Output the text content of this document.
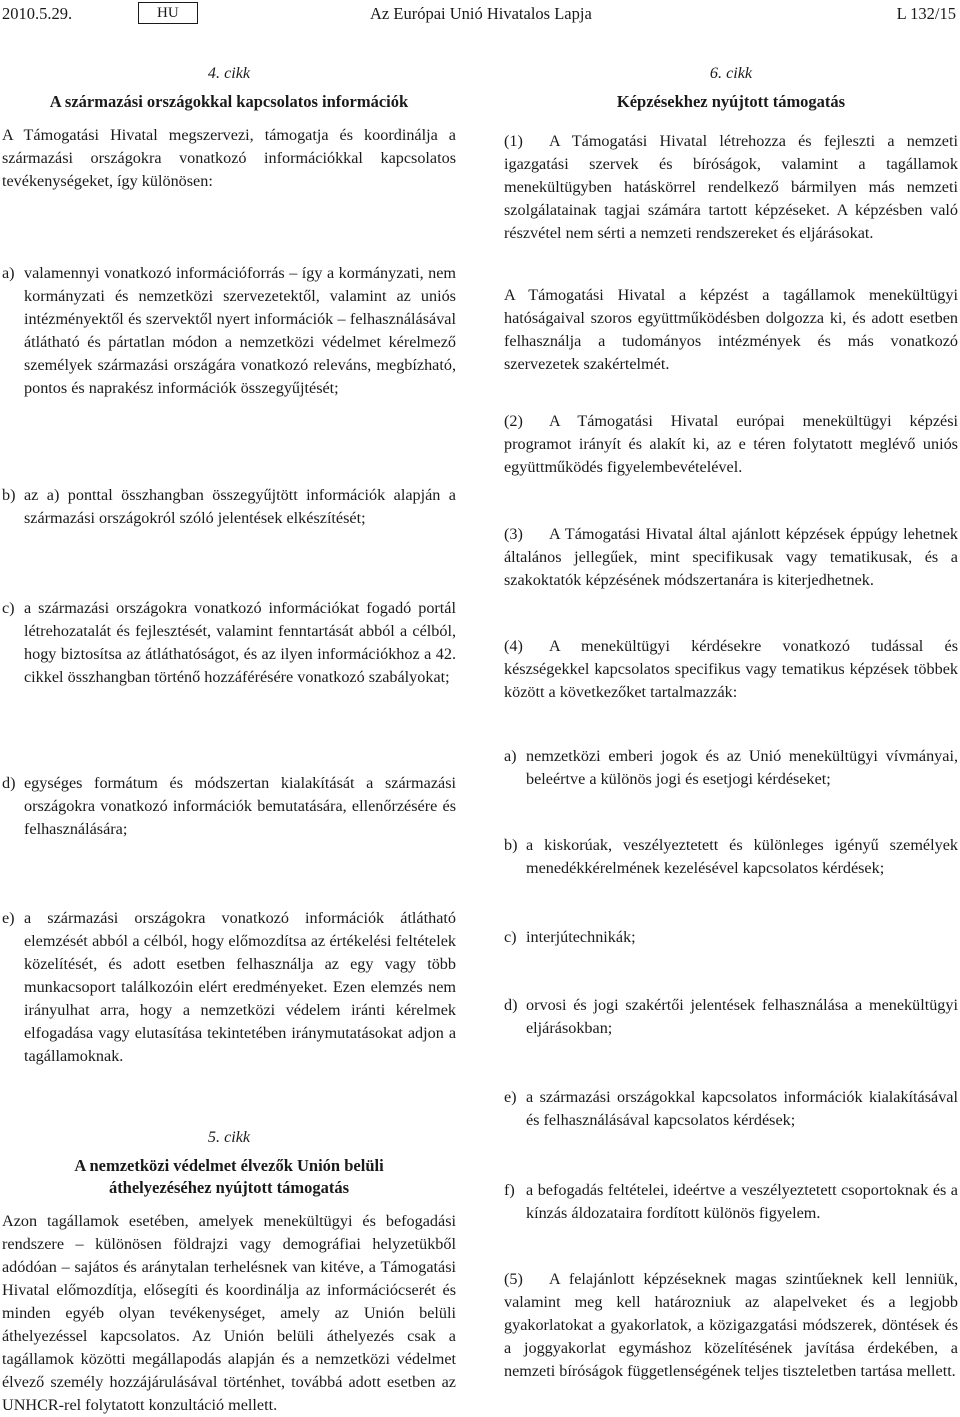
2010.5.29.	HU	Az Európai Unió Hivatalos Lapja	L 132/15
4. cikk
A származási országokkal kapcsolatos információk
A Támogatási Hivatal megszervezi, támogatja és koordinálja a származási országokra vonatkozó információkkal kapcsolatos tevékenységeket, így különösen:
a) valamennyi vonatkozó információforrás – így a kormányzati, nem kormányzati és nemzetközi szervezetektől, valamint az uniós intézményektől és szervektől nyert információk – felhasználásával átlátható és pártatlan módon a nemzetközi védelmet kérelmező személyek származási országára vonatkozó releváns, megbízható, pontos és naprakész információk összegyűjtését;
b) az a) ponttal összhangban összegyűjtött információk alapján a származási országokról szóló jelentések elkészítését;
c) a származási országokra vonatkozó információkat fogadó portál létrehozatalát és fejlesztését, valamint fenntartását abból a célból, hogy biztosítsa az átláthatóságot, és az ilyen információkhoz a 42. cikkel összhangban történő hozzáférésére vonatkozó szabályokat;
d) egységes formátum és módszertan kialakítását a származási országokra vonatkozó információk bemutatására, ellenőrzésére és felhasználására;
e) a származási országokra vonatkozó információk átlátható elemzését abból a célból, hogy előmozdítsa az értékelési feltételek közelítését, és adott esetben felhasználja az egy vagy több munkacsoport találkozóin elért eredményeket. Ezen elemzés nem irányulhat arra, hogy a nemzetközi védelem iránti kérelmek elfogadása vagy elutasítása tekintetében iránymutatásokat adjon a tagállamoknak.
5. cikk
A nemzetközi védelmet élvezők Unión belüli áthelyezéséhez nyújtott támogatás
Azon tagállamok esetében, amelyek menekültügyi és befogadási rendszere – különösen földrajzi vagy demográfiai helyzetükből adódóan – sajátos és aránytalan terhelésnek van kitéve, a Támogatási Hivatal előmozdítja, elősegíti és koordinálja az információcserét és minden egyéb olyan tevékenységet, amely az Unión belüli áthelyezéssel kapcsolatos. Az Unión belüli áthelyezés csak a tagállamok közötti megállapodás alapján és a nemzetközi védelmet élvező személy hozzájárulásával történhet, továbbá adott esetben az UNHCR-rel folytatott konzultáció mellett.
6. cikk
Képzésekhez nyújtott támogatás
(1) A Támogatási Hivatal létrehozza és fejleszti a nemzeti igazgatási szervek és bíróságok, valamint a tagállamok menekültügyben hatáskörrel rendelkező bármilyen más nemzeti szolgálatainak tagjai számára tartott képzéseket. A képzésben való részvétel nem sérti a nemzeti rendszereket és eljárásokat.
A Támogatási Hivatal a képzést a tagállamok menekültügyi hatóságaival szoros együttműködésben dolgozza ki, és adott esetben felhasználja a tudományos intézmények és más vonatkozó szervezetek szakértelmét.
(2) A Támogatási Hivatal európai menekültügyi képzési programot irányít és alakít ki, az e téren folytatott meglévő uniós együttműködés figyelembevételével.
(3) A Támogatási Hivatal által ajánlott képzések éppúgy lehetnek általános jellegűek, mint specifikusak vagy tematikusak, és a szakoktatók képzésének módszertanára is kiterjedhetnek.
(4) A menekültügyi kérdésekre vonatkozó tudással és készségekkel kapcsolatos specifikus vagy tematikus képzések többek között a következőket tartalmazzák:
a) nemzetközi emberi jogok és az Unió menekültügyi vívmányai, beleértve a különös jogi és esetjogi kérdéseket;
b) a kiskorúak, veszélyeztetett és különleges igényű személyek menedékkérelmének kezelésével kapcsolatos kérdések;
c) interjútechnikák;
d) orvosi és jogi szakértői jelentések felhasználása a menekültügyi eljárásokban;
e) a származási országokkal kapcsolatos információk kialakításával és felhasználásával kapcsolatos kérdések;
f) a befogadás feltételei, ideértve a veszélyeztetett csoportoknak és a kínzás áldozataira fordított különös figyelem.
(5) A felajánlott képzéseknek magas szintűeknek kell lenniük, valamint meg kell határozniuk az alapelveket és a legjobb gyakorlatokat a gyakorlatok, a közigazgatási módszerek, döntések és a joggyakorlat egymáshoz közelítésének javítása érdekében, a nemzeti bíróságok függetlenségének teljes tiszteletben tartása mellett.
